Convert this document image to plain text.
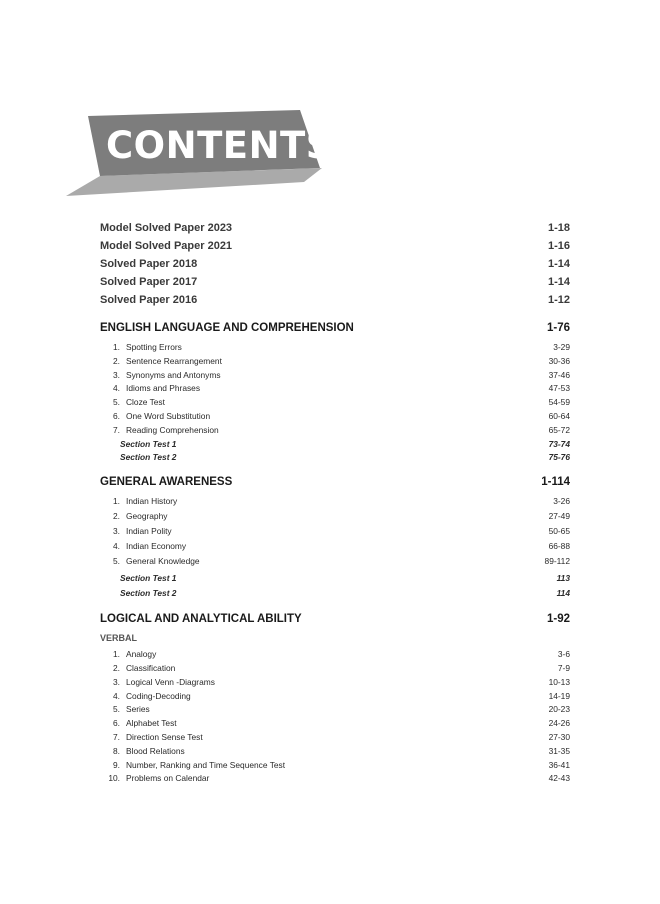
CONTENTS
Model Solved Paper 2023	1-18
Model Solved Paper 2021	1-16
Solved Paper 2018	1-14
Solved Paper 2017	1-14
Solved Paper 2016	1-12
ENGLISH LANGUAGE AND COMPREHENSION	1-76
1. Spotting Errors	3-29
2. Sentence Rearrangement	30-36
3. Synonyms and Antonyms	37-46
4. Idioms and Phrases	47-53
5. Cloze Test	54-59
6. One Word Substitution	60-64
7. Reading Comprehension	65-72
Section Test 1	73-74
Section Test 2	75-76
GENERAL AWARENESS	1-114
1. Indian History	3-26
2. Geography	27-49
3. Indian Polity	50-65
4. Indian Economy	66-88
5. General Knowledge	89-112
Section Test 1	113
Section Test 2	114
LOGICAL AND ANALYTICAL ABILITY	1-92
VERBAL
1. Analogy	3-6
2. Classification	7-9
3. Logical Venn -Diagrams	10-13
4. Coding-Decoding	14-19
5. Series	20-23
6. Alphabet Test	24-26
7. Direction Sense Test	27-30
8. Blood Relations	31-35
9. Number, Ranking and Time Sequence Test	36-41
10. Problems on Calendar	42-43
